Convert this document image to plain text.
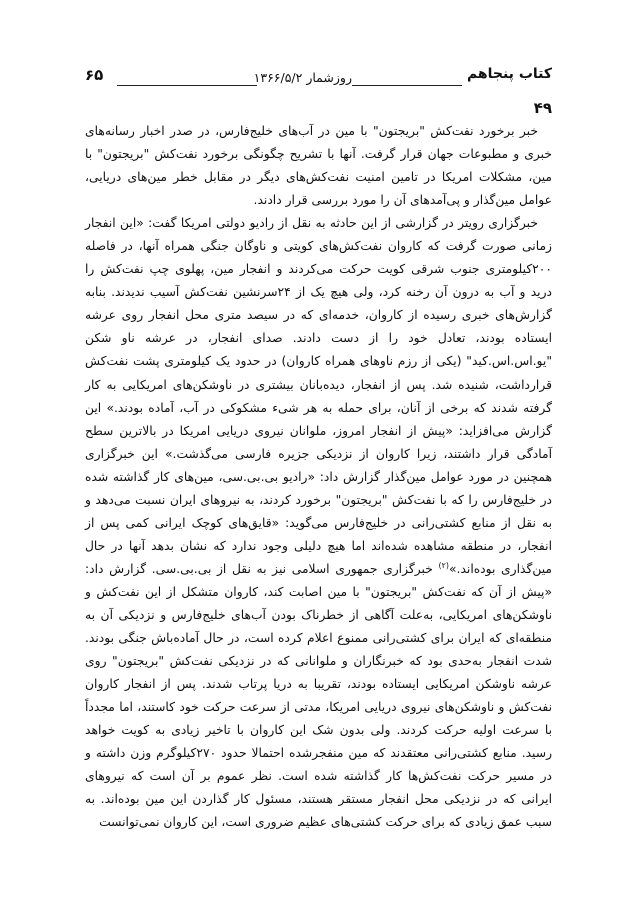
کتاب پنجاهم
روزشمار ۱۳۶۶/۵/۲
۶۵
۴۹

خبر برخورد نفت‌کش "بریجتون" با مین در آب‌های خلیج‌فارس، در صدر اخبار رسانه‌های خبری و مطبوعات جهان قرار گرفت. آنها با تشریح چگونگی برخورد نفت‌کش "بریجتون" با مین، مشکلات امریکا در تامین امنیت نفت‌کش‌های دیگر در مقابل خطر مین‌های دریایی، عوامل مین‌گذار و پی‌آمدهای آن را مورد بررسی قرار دادند.

خبرگزاری رویتر در گزارشی از این حادثه به نقل از رادیو دولتی امریکا گفت: «این انفجار زمانی صورت گرفت که کاروان نفت‌کش‌های کویتی و ناوگان جنگی همراه آنها، در فاصله ۲۰۰کیلومتری جنوب شرقی کویت حرکت می‌کردند و انفجار مین، پهلوی چپ نفت‌کش را درید و آب به درون آن رخنه کرد، ولی هیچ یک از ۲۴سرنشین نفت‌کش آسیب ندیدند. بنابه گزارش‌های خبری رسیده از کاروان، خدمه‌ای که در سیصد متری محل انفجار روی عرشه ایستاده بودند، تعادل خود را از دست دادند. صدای انفجار، در عرشه ناو شکن "یو.اس.اس.کید" (یکی از رزم ناوهای همراه کاروان) در حدود یک کیلومتری پشت نفت‌کش قرارداشت، شنیده شد. پس از انفجار، دیده‌بانان بیشتری در ناوشکن‌های امریکایی به کار گرفته شدند که برخی از آنان، برای حمله به هر شیء مشکوکی در آب، آماده بودند.» این گزارش می‌افزاید: «پیش از انفجار امروز، ملوانان نیروی دریایی امریکا در بالاترین سطح آمادگی قرار داشتند، زیرا کاروان از نزدیکی جزیره فارسی می‌گذشت.» این خبرگزاری همچنین در مورد عوامل مین‌گذار گزارش داد: «رادیو بی.بی.سی، مین‌های کار گذاشته شده در خلیج‌فارس را که با نفت‌کش "بریجتون" برخورد کردند، به نیروهای ایران نسبت می‌دهد و به نقل از منابع کشتی‌رانی در خلیج‌فارس می‌گوید: «قایق‌های کوچک ایرانی کمی پس از انفجار، در منطقه مشاهده شده‌اند اما هیچ دلیلی وجود ندارد که نشان بدهد آنها در حال مین‌گذاری بوده‌اند.»$^{(۲)}$ خبرگزاری جمهوری اسلامی نیز به نقل از بی.بی.سی. گزارش داد: «پیش از آن که نفت‌کش "بریجتون" با مین اصابت کند، کاروان متشکل از این نفت‌کش و ناوشکن‌های امریکایی، به‌علت آگاهی از خطرناک بودن آب‌های خلیج‌فارس و نزدیکی آن به منطقه‌ای که ایران برای کشتی‌رانی ممنوع اعلام کرده است، در حال آماده‌باش جنگی بودند. شدت انفجار به‌حدی بود که خبرنگاران و ملوانانی که در نزدیکی نفت‌کش "بریجتون" روی عرشه ناوشکن امریکایی ایستاده بودند، تقریبا به دریا پرتاب شدند. پس از انفجار کاروان نفت‌کش و ناوشکن‌های نیروی دریایی امریکا، مدتی از سرعت حرکت خود کاستند، اما مجدداً با سرعت اولیه حرکت کردند. ولی بدون شک این کاروان با تاخیر زیادی به کویت خواهد رسید. منابع کشتی‌رانی معتقدند که مین منفجرشده احتمالا حدود ۲۷۰کیلوگرم وزن داشته و در مسیر حرکت نفت‌کش‌ها کار گذاشته شده است. نظر عموم بر آن است که نیروهای ایرانی که در نزدیکی محل انفجار مستقر هستند، مسئول کار گذاردن این مین بوده‌اند. به سبب عمق زیادی که برای حرکت کشتی‌های عظیم ضروری است، این کاروان نمی‌توانست
